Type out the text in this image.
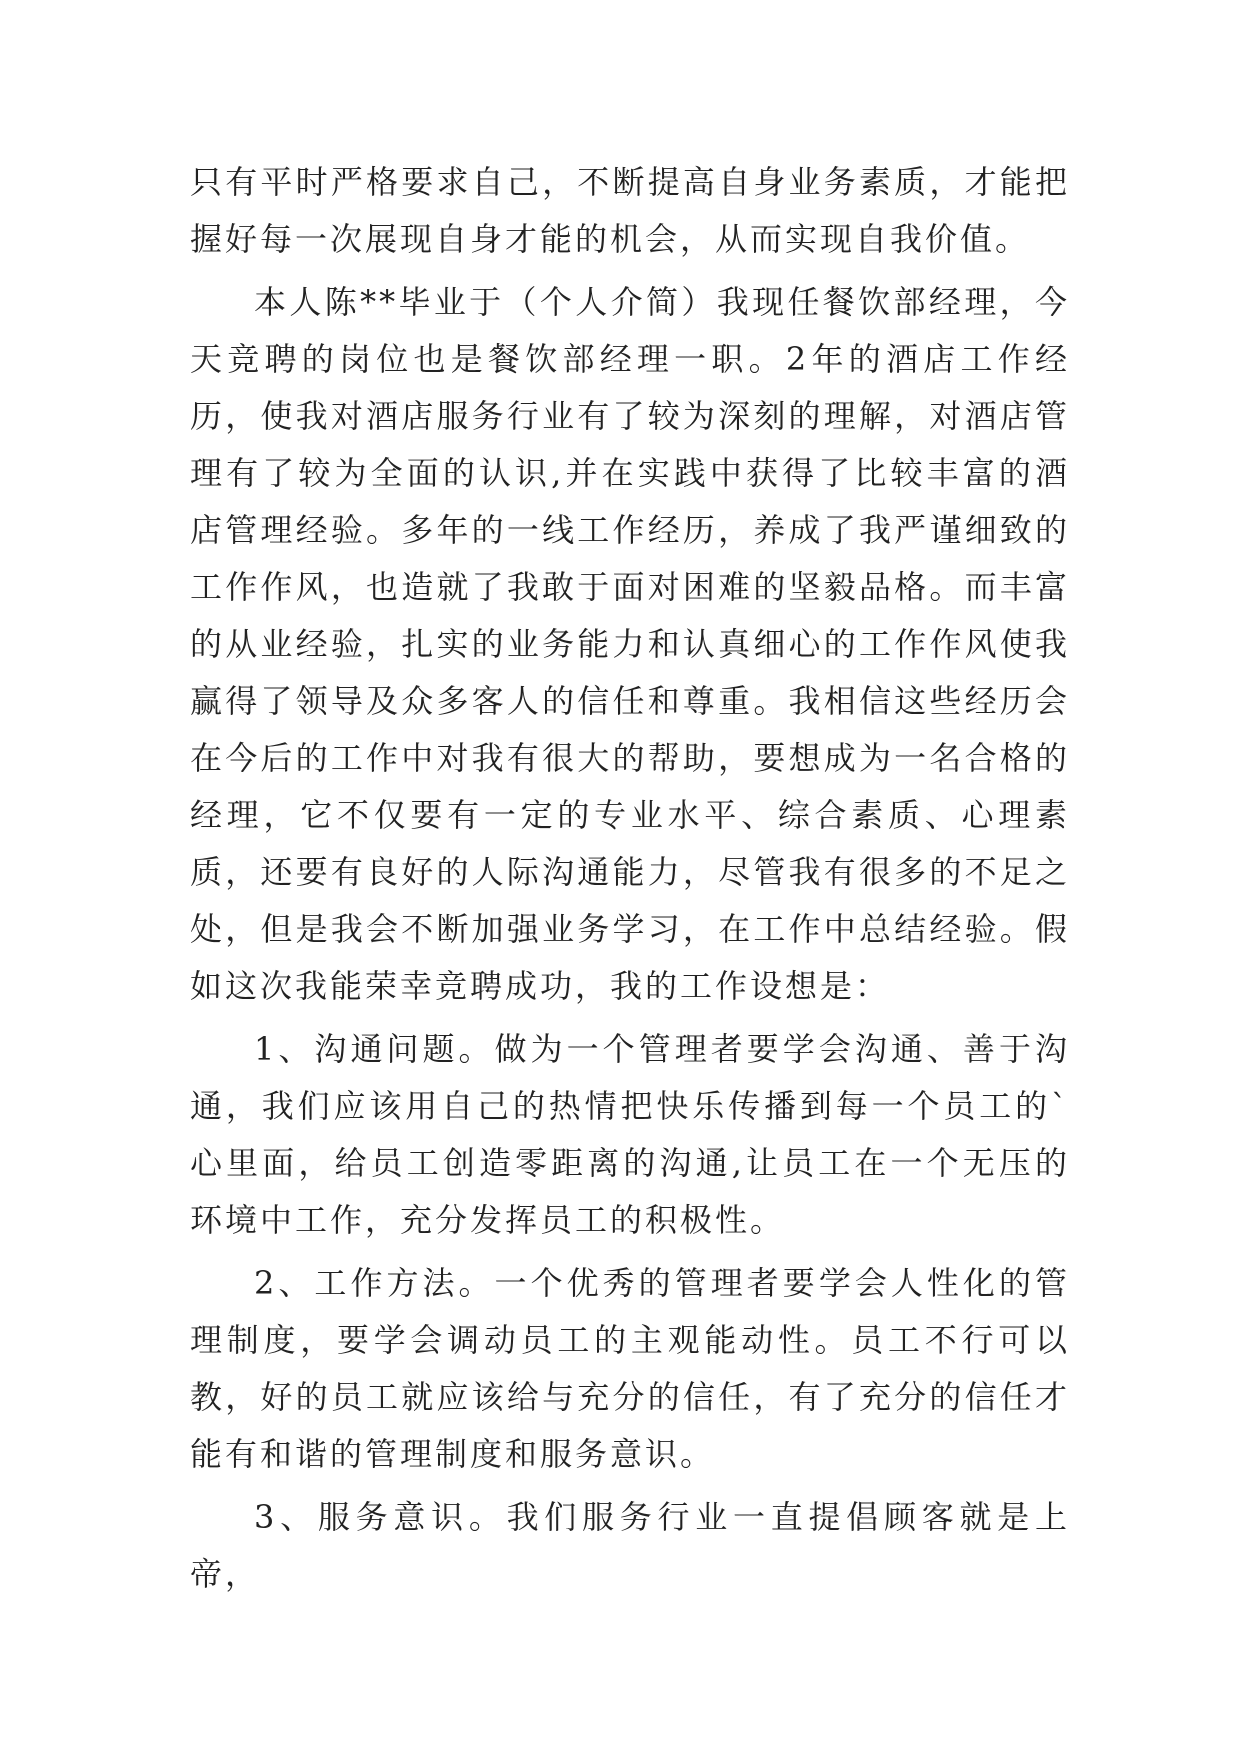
只有平时严格要求自己，不断提高自身业务素质，才能把握好每一次展现自身才能的机会，从而实现自我价值。

本人陈**毕业于（个人介简）我现任餐饮部经理，今天竞聘的岗位也是餐饮部经理一职。2年的酒店工作经历，使我对酒店服务行业有了较为深刻的理解，对酒店管理有了较为全面的认识,并在实践中获得了比较丰富的酒店管理经验。多年的一线工作经历，养成了我严谨细致的工作作风，也造就了我敢于面对困难的坚毅品格。而丰富的从业经验，扎实的业务能力和认真细心的工作作风使我赢得了领导及众多客人的信任和尊重。我相信这些经历会在今后的工作中对我有很大的帮助，要想成为一名合格的经理，它不仅要有一定的专业水平、综合素质、心理素质，还要有良好的人际沟通能力，尽管我有很多的不足之处，但是我会不断加强业务学习，在工作中总结经验。假如这次我能荣幸竞聘成功，我的工作设想是：

1、沟通问题。做为一个管理者要学会沟通、善于沟通，我们应该用自己的热情把快乐传播到每一个员工的`心里面，给员工创造零距离的沟通,让员工在一个无压的环境中工作，充分发挥员工的积极性。

2、工作方法。一个优秀的管理者要学会人性化的管理制度，要学会调动员工的主观能动性。员工不行可以教，好的员工就应该给与充分的信任，有了充分的信任才能有和谐的管理制度和服务意识。

3、服务意识。我们服务行业一直提倡顾客就是上帝，
